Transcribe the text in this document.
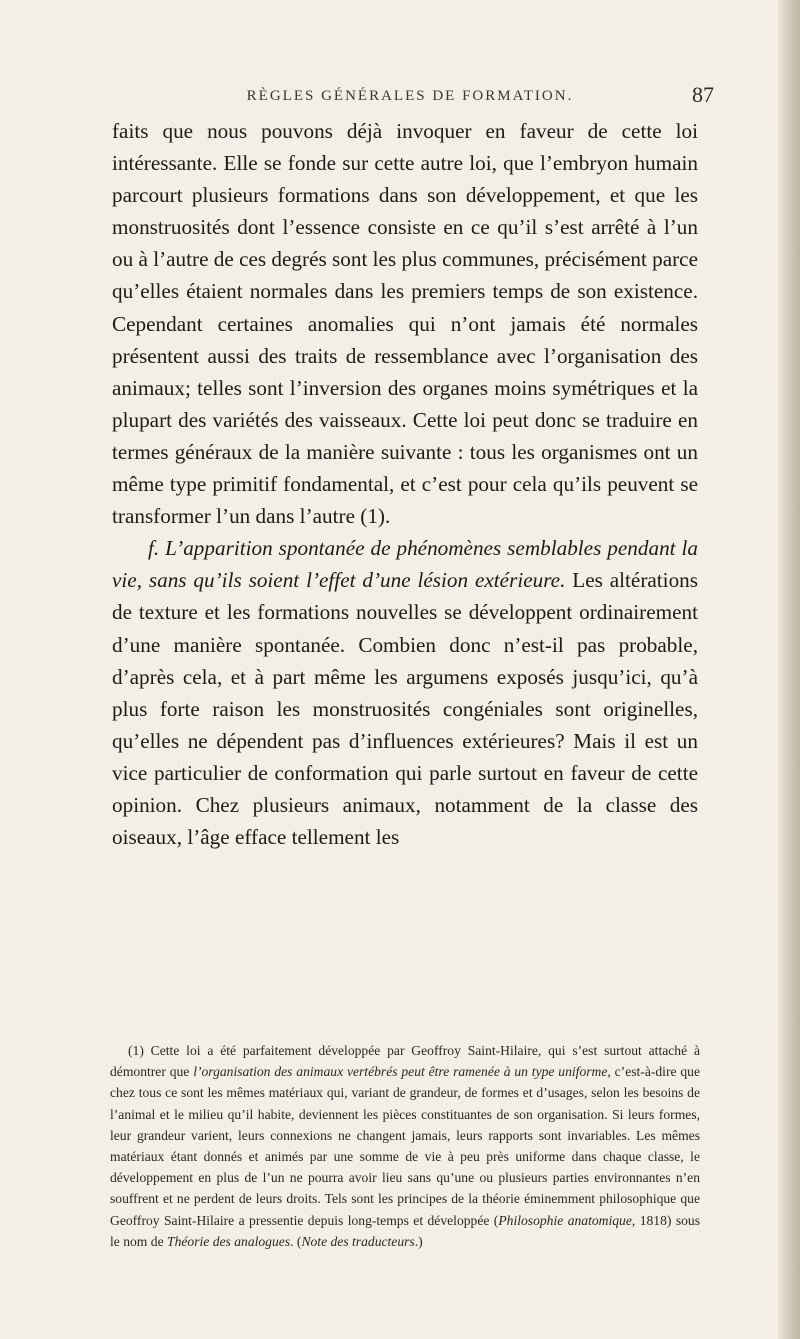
RÈGLES GÉNÉRALES DE FORMATION.	87

faits que nous pouvons déjà invoquer en faveur de cette loi intéressante. Elle se fonde sur cette autre loi, que l’embryon humain parcourt plusieurs formations dans son développement, et que les monstruosités dont l’essence consiste en ce qu’il s’est arrêté à l’un ou à l’autre de ces degrés sont les plus communes, précisément parce qu’elles étaient normales dans les premiers temps de son existence. Cependant certaines anomalies qui n’ont jamais été normales présentent aussi des traits de ressemblance avec l’organisation des animaux; telles sont l’inversion des organes moins symétriques et la plupart des variétés des vaisseaux. Cette loi peut donc se traduire en termes généraux de la manière suivante : tous les organismes ont un même type primitif fondamental, et c’est pour cela qu’ils peuvent se transformer l’un dans l’autre (1).

f. L’apparition spontanée de phénomènes semblables pendant la vie, sans qu’ils soient l’effet d’une lésion extérieure. Les altérations de texture et les formations nouvelles se développent ordinairement d’une manière spontanée. Combien donc n’est-il pas probable, d’après cela, et à part même les argumens exposés jusqu’ici, qu’à plus forte raison les monstruosités congéniales sont originelles, qu’elles ne dépendent pas d’influences extérieures? Mais il est un vice particulier de conformation qui parle surtout en faveur de cette opinion. Chez plusieurs animaux, notamment de la classe des oiseaux, l’âge efface tellement les

(1) Cette loi a été parfaitement développée par Geoffroy Saint-Hilaire, qui s’est surtout attaché à démontrer que l’organisation des animaux vertébrés peut être ramenée à un type uniforme, c’est-à-dire que chez tous ce sont les mêmes matériaux qui, variant de grandeur, de formes et d’usages, selon les besoins de l’animal et le milieu qu’il habite, deviennent les pièces constituantes de son organisation. Si leurs formes, leur grandeur varient, leurs connexions ne changent jamais, leurs rapports sont invariables. Les mêmes matériaux étant donnés et animés par une somme de vie à peu près uniforme dans chaque classe, le développement en plus de l’un ne pourra avoir lieu sans qu’une ou plusieurs parties environnantes n’en souffrent et ne perdent de leurs droits. Tels sont les principes de la théorie éminemment philosophique que Geoffroy Saint-Hilaire a pressentie depuis long-temps et développée (Philosophie anatomique, 1818) sous le nom de Théorie des analogues. (Note des traducteurs.)
